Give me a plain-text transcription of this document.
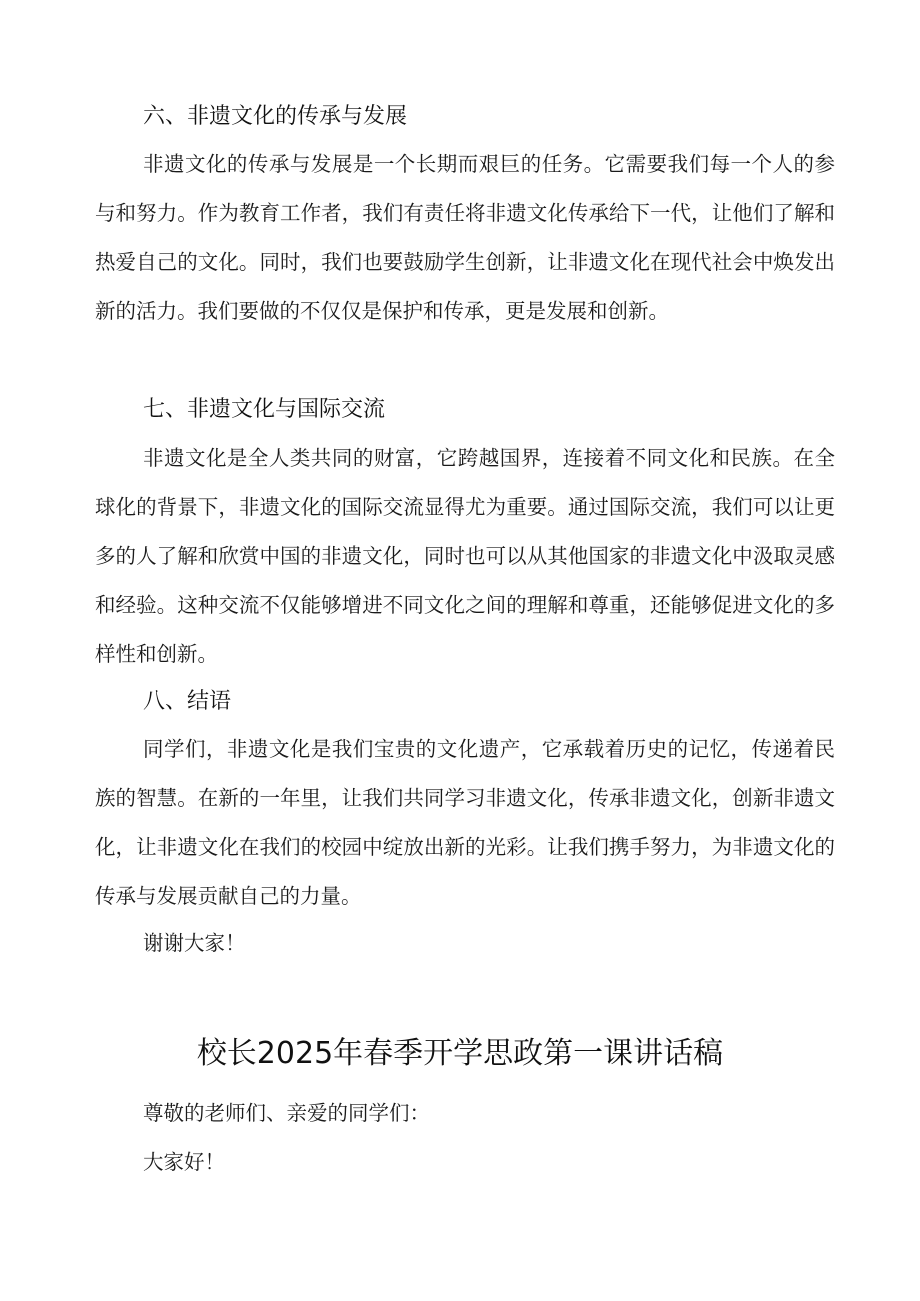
六、非遗文化的传承与发展

非遗文化的传承与发展是一个长期而艰巨的任务。它需要我们每一个人的参与和努力。作为教育工作者，我们有责任将非遗文化传承给下一代，让他们了解和热爱自己的文化。同时，我们也要鼓励学生创新，让非遗文化在现代社会中焕发出新的活力。我们要做的不仅仅是保护和传承，更是发展和创新。

七、非遗文化与国际交流

非遗文化是全人类共同的财富，它跨越国界，连接着不同文化和民族。在全球化的背景下，非遗文化的国际交流显得尤为重要。通过国际交流，我们可以让更多的人了解和欣赏中国的非遗文化，同时也可以从其他国家的非遗文化中汲取灵感和经验。这种交流不仅能够增进不同文化之间的理解和尊重，还能够促进文化的多样性和创新。

八、结语

同学们，非遗文化是我们宝贵的文化遗产，它承载着历史的记忆，传递着民族的智慧。在新的一年里，让我们共同学习非遗文化，传承非遗文化，创新非遗文化，让非遗文化在我们的校园中绽放出新的光彩。让我们携手努力，为非遗文化的传承与发展贡献自己的力量。

谢谢大家！
校长2025年春季开学思政第一课讲话稿
尊敬的老师们、亲爱的同学们：
大家好！
